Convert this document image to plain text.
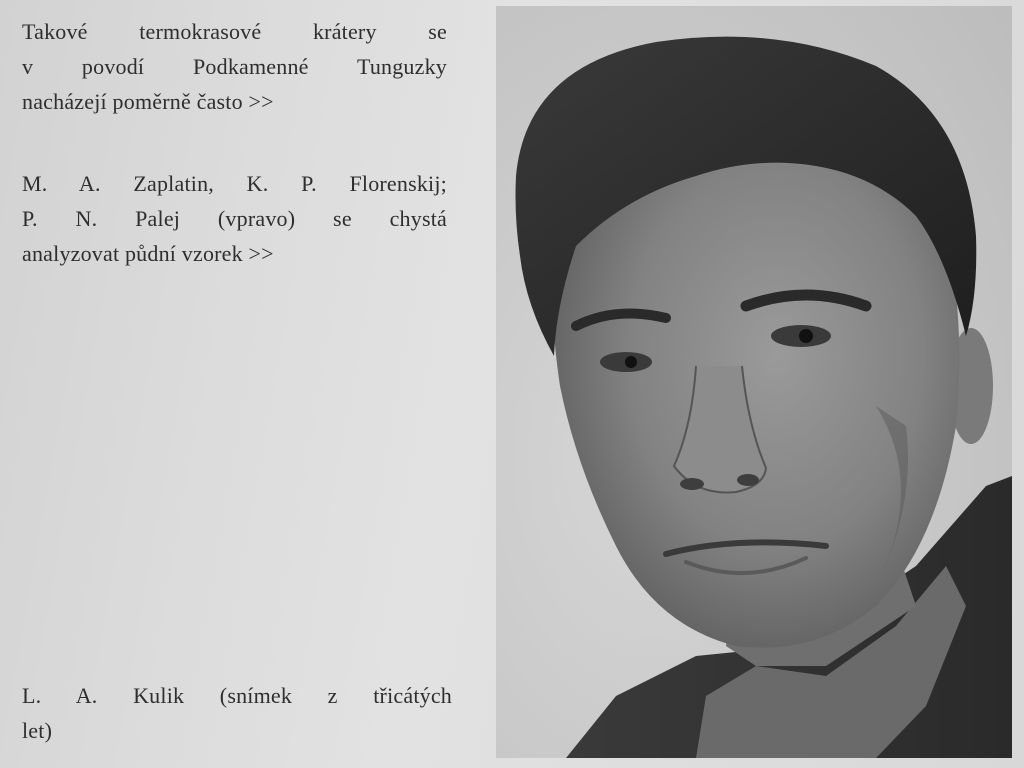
Takové termokrasové krátery se
v povodí Podkamenné Tunguzky
nacházejí poměrně často >>

M. A. Zaplatin, K. P. Florenskij;
P. N. Palej (vpravo) se chystá
analyzovat půdní vzorek >>

L. A. Kulik (snímek z třicátých
let)
